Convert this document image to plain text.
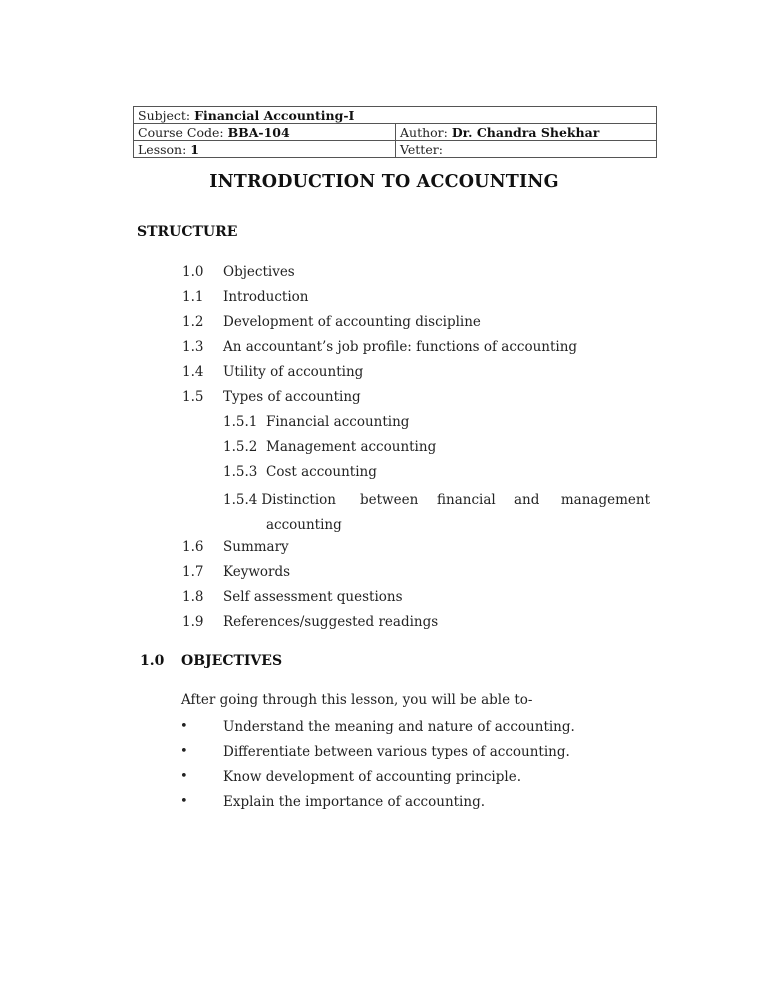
Subject: Financial Accounting-I	
Course Code: BBA-104	Author: Dr. Chandra Shekhar
Lesson: 1	Vetter:
INTRODUCTION TO ACCOUNTING
STRUCTURE
1.0 Objectives
1.1 Introduction
1.2 Development of accounting discipline
1.3 An accountant’s job profile: functions of accounting
1.4 Utility of accounting
1.5 Types of accounting
1.5.1 Financial accounting
1.5.2 Management accounting
1.5.3 Cost accounting
1.5.4 Distinction between financial and management
accounting
1.6 Summary
1.7 Keywords
1.8 Self assessment questions
1.9 References/suggested readings
1.0 OBJECTIVES
After going through this lesson, you will be able to-
•	Understand the meaning and nature of accounting.
•	Differentiate between various types of accounting.
•	Know development of accounting principle.
•	Explain the importance of accounting.
